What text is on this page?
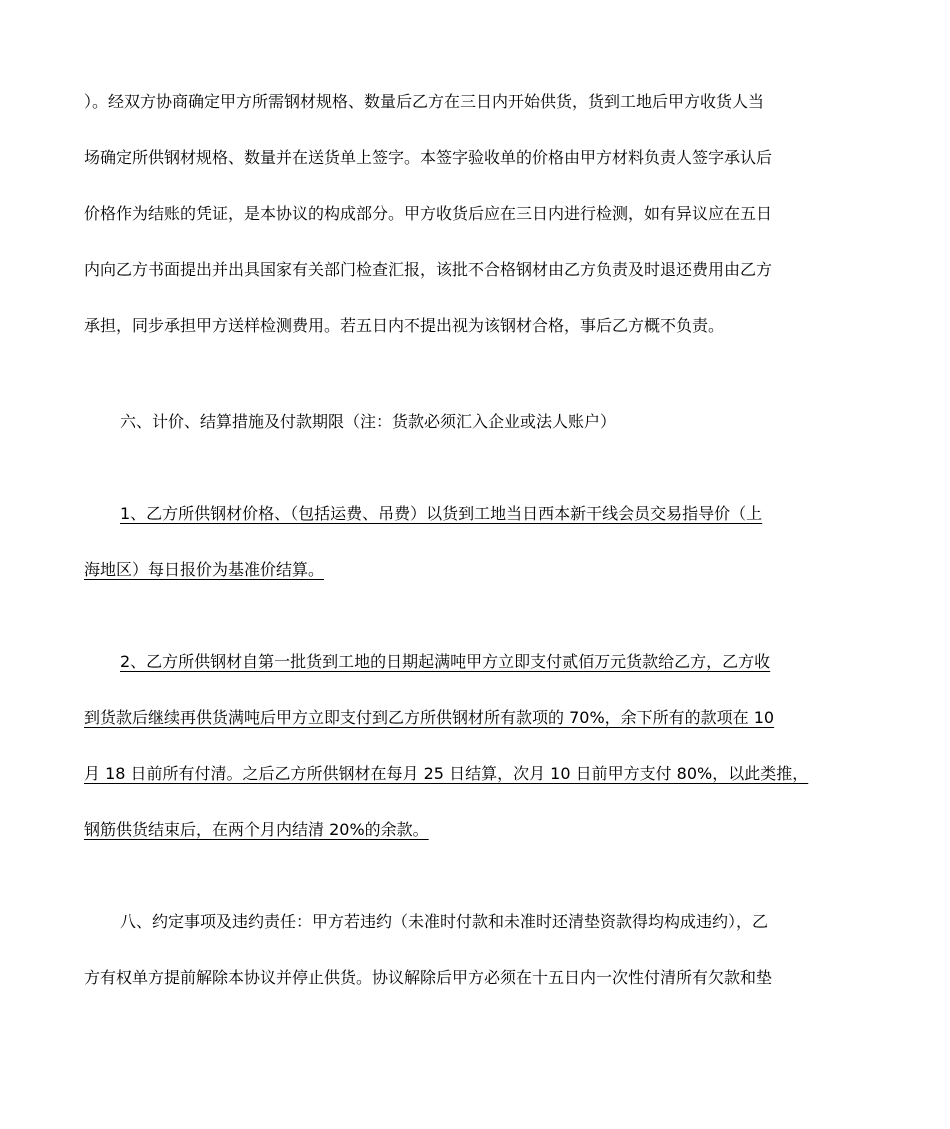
）。经双方协商确定甲方所需钢材规格、数量后乙方在三日内开始供货，货到工地后甲方收货人当
场确定所供钢材规格、数量并在送货单上签字。本签字验收单的价格由甲方材料负责人签字承认后
价格作为结账的凭证，是本协议的构成部分。甲方收货后应在三日内进行检测，如有异议应在五日
内向乙方书面提出并出具国家有关部门检查汇报，该批不合格钢材由乙方负责及时退还费用由乙方
承担，同步承担甲方送样检测费用。若五日内不提出视为该钢材合格，事后乙方概不负责。
六、计价、结算措施及付款期限（注：货款必须汇入企业或法人账户）
1、乙方所供钢材价格、（包括运费、吊费）以货到工地当日西本新干线会员交易指导价（上
海地区）每日报价为基准价结算。
2、乙方所供钢材自第一批货到工地的日期起满吨甲方立即支付贰佰万元货款给乙方，乙方收
到货款后继续再供货满吨后甲方立即支付到乙方所供钢材所有款项的 70%，余下所有的款项在 10
月 18 日前所有付清。之后乙方所供钢材在每月 25 日结算，次月 10 日前甲方支付 80%，以此类推，
钢筋供货结束后，在两个月内结清 20%的余款。
八、约定事项及违约责任：甲方若违约（未准时付款和未准时还清垫资款得均构成违约），乙
方有权单方提前解除本协议并停止供货。协议解除后甲方必须在十五日内一次性付清所有欠款和垫
